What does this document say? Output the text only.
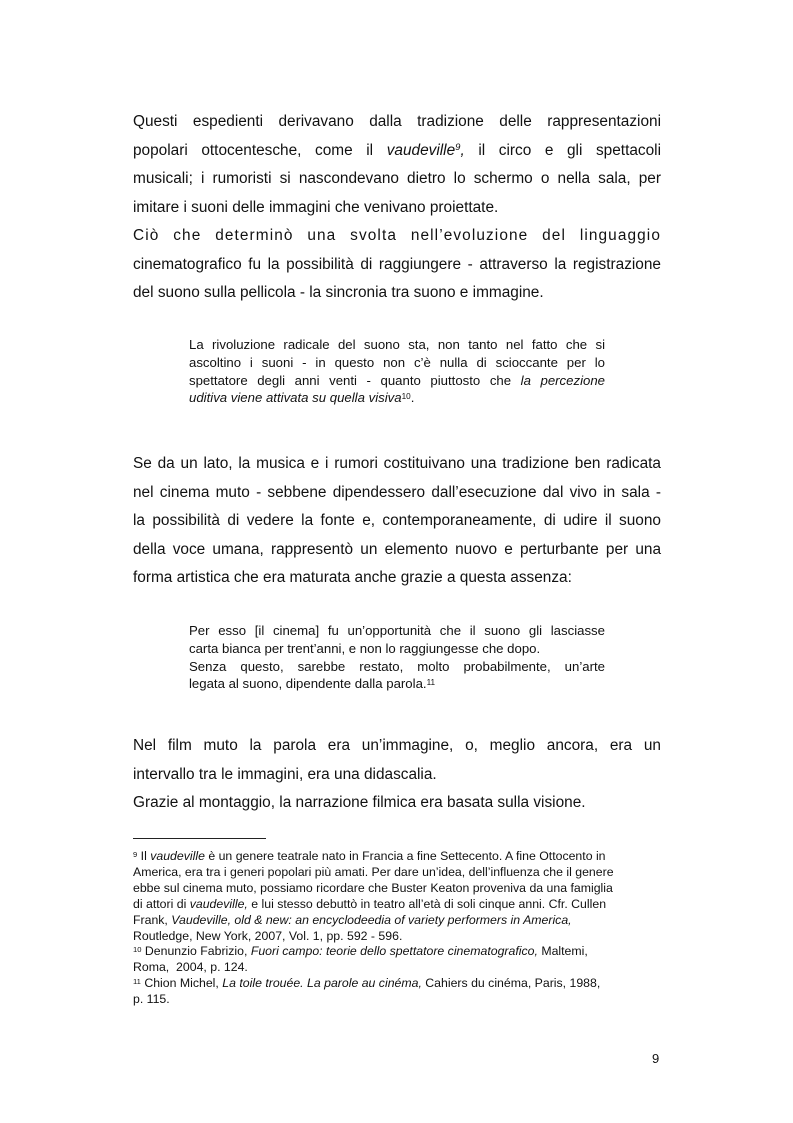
Questi espedienti derivavano dalla tradizione delle rappresentazioni
popolari ottocentesche, come il vaudeville$^9$, il circo e gli spettacoli
musicali; i rumoristi si nascondevano dietro lo schermo o nella sala, per
imitare i suoni delle immagini che venivano proiettate.

Ciò che determinò una svolta nell’evoluzione del linguaggio
cinematografico fu la possibilità di raggiungere - attraverso la registrazione
del suono sulla pellicola - la sincronia tra suono e immagine.

La rivoluzione radicale del suono sta, non tanto nel fatto che si
ascoltino i suoni - in questo non c’è nulla di scioccante per lo
spettatore degli anni venti - quanto piuttosto che la percezione
uditiva viene attivata su quella visiva$^{10}$.

Se da un lato, la musica e i rumori costituivano una tradizione ben radicata
nel cinema muto - sebbene dipendessero dall’esecuzione dal vivo in sala -
la possibilità di vedere la fonte e, contemporaneamente, di udire il suono
della voce umana, rappresentò un elemento nuovo e perturbante per una
forma artistica che era maturata anche grazie a questa assenza:

Per esso [il cinema] fu un’opportunità che il suono gli lasciasse
carta bianca per trent’anni, e non lo raggiungesse che dopo.
Senza questo, sarebbe restato, molto probabilmente, un’arte
legata al suono, dipendente dalla parola.$^{11}$

Nel film muto la parola era un’immagine, o, meglio ancora, era un
intervallo tra le immagini, era una didascalia.
Grazie al montaggio, la narrazione filmica era basata sulla visione.

$^9$ Il vaudeville è un genere teatrale nato in Francia a fine Settecento. A fine Ottocento in
America, era tra i generi popolari più amati. Per dare un’idea, dell’influenza che il genere
ebbe sul cinema muto, possiamo ricordare che Buster Keaton proveniva da una famiglia
di attori di vaudeville, e lui stesso debuttò in teatro all’età di soli cinque anni. Cfr. Cullen
Frank, Vaudeville, old & new: an encyclodeedia of variety performers in America,
Routledge, New York, 2007, Vol. 1, pp. 592 - 596.
$^{10}$ Denunzio Fabrizio, Fuori campo: teorie dello spettatore cinematografico, Maltemi,
Roma,  2004, p. 124.
$^{11}$ Chion Michel, La toile trouée. La parole au cinéma, Cahiers du cinéma, Paris, 1988,
p. 115.
9
